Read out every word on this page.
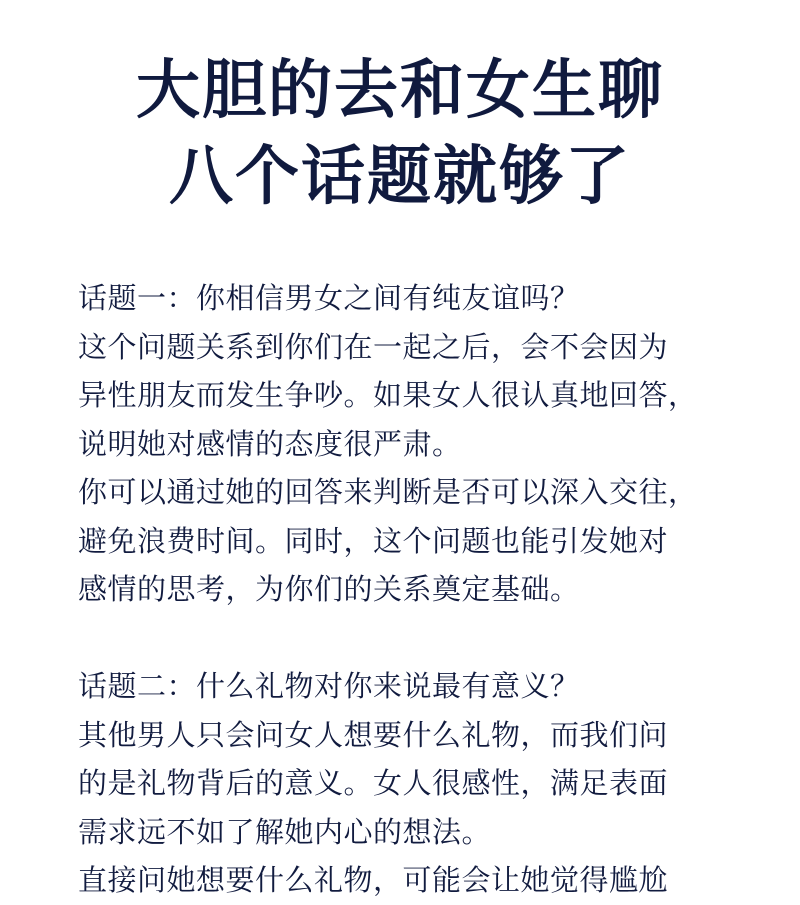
大胆的去和女生聊
八个话题就够了
话题一：你相信男女之间有纯友谊吗？
这个问题关系到你们在一起之后，会不会因为
异性朋友而发生争吵。如果女人很认真地回答，
说明她对感情的态度很严肃。
你可以通过她的回答来判断是否可以深入交往，
避免浪费时间。同时，这个问题也能引发她对
感情的思考，为你们的关系奠定基础。
话题二：什么礼物对你来说最有意义？
其他男人只会问女人想要什么礼物，而我们问
的是礼物背后的意义。女人很感性，满足表面
需求远不如了解她内心的想法。
直接问她想要什么礼物，可能会让她觉得尴尬
